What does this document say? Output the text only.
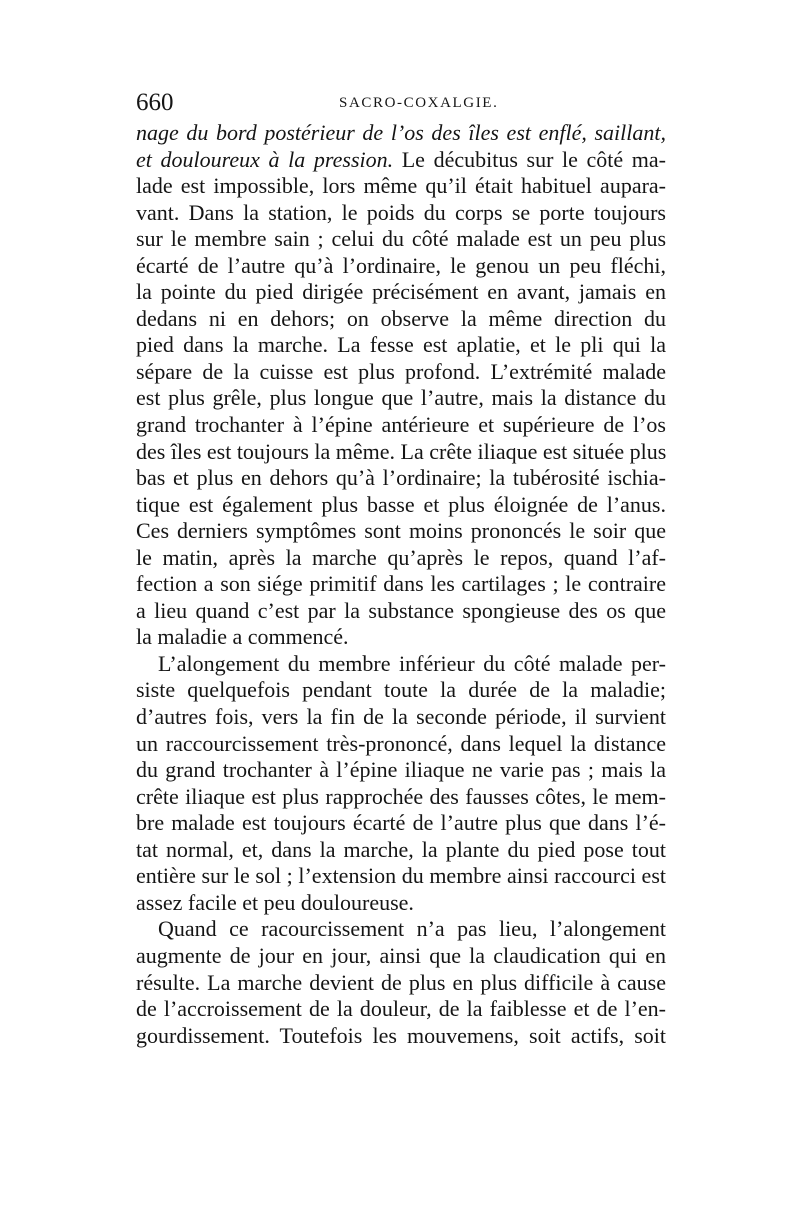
660	SACRO-COXALGIE.
nage du bord postérieur de l’os des îles est enflé, saillant,
et douloureux à la pression. Le décubitus sur le côté ma-
lade est impossible, lors même qu’il était habituel aupara-
vant. Dans la station, le poids du corps se porte toujours
sur le membre sain ; celui du côté malade est un peu plus
écarté de l’autre qu’à l’ordinaire, le genou un peu fléchi,
la pointe du pied dirigée précisément en avant, jamais en
dedans ni en dehors; on observe la même direction du
pied dans la marche. La fesse est aplatie, et le pli qui la
sépare de la cuisse est plus profond. L’extrémité malade
est plus grêle, plus longue que l’autre, mais la distance du
grand trochanter à l’épine antérieure et supérieure de l’os
des îles est toujours la même. La crête iliaque est située plus
bas et plus en dehors qu’à l’ordinaire; la tubérosité ischia-
tique est également plus basse et plus éloignée de l’anus.
Ces derniers symptômes sont moins prononcés le soir que
le matin, après la marche qu’après le repos, quand l’af-
fection a son siége primitif dans les cartilages ; le contraire
a lieu quand c’est par la substance spongieuse des os que
la maladie a commencé.
L’alongement du membre inférieur du côté malade per-
siste quelquefois pendant toute la durée de la maladie;
d’autres fois, vers la fin de la seconde période, il survient
un raccourcissement très-prononcé, dans lequel la distance
du grand trochanter à l’épine iliaque ne varie pas ; mais la
crête iliaque est plus rapprochée des fausses côtes, le mem-
bre malade est toujours écarté de l’autre plus que dans l’é-
tat normal, et, dans la marche, la plante du pied pose tout
entière sur le sol ; l’extension du membre ainsi raccourci est
assez facile et peu douloureuse.
Quand ce racourcissement n’a pas lieu, l’alongement
augmente de jour en jour, ainsi que la claudication qui en
résulte. La marche devient de plus en plus difficile à cause
de l’accroissement de la douleur, de la faiblesse et de l’en-
gourdissement. Toutefois les mouvemens, soit actifs, soit
